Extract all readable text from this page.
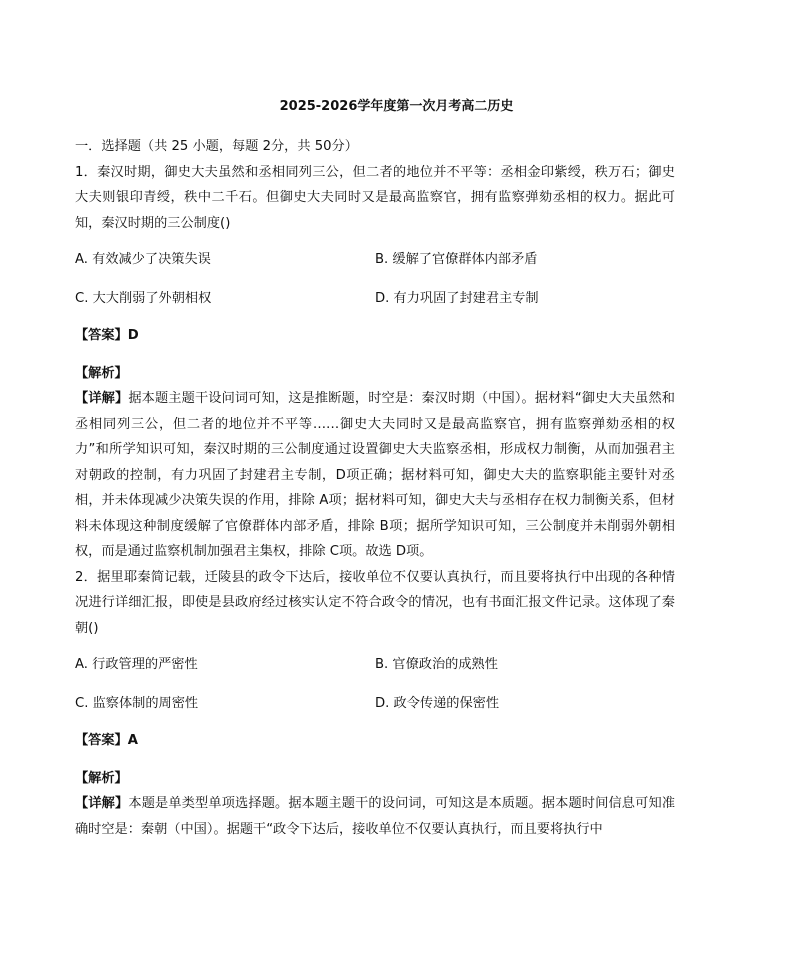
2025-2026学年度第一次月考高二历史

一．选择题（共 25 小题，每题 2分，共 50分）

1．秦汉时期，御史大夫虽然和丞相同列三公，但二者的地位并不平等：丞相金印紫绶，秩万石；御史大夫则银印青绶，秩中二千石。但御史大夫同时又是最高监察官，拥有监察弹劾丞相的权力。据此可知，秦汉时期的三公制度()

A. 有效减少了决策失误	B. 缓解了官僚群体内部矛盾
C. 大大削弱了外朝相权	D. 有力巩固了封建君主专制

【答案】D

【解析】

【详解】据本题主题干设问词可知，这是推断题，时空是：秦汉时期（中国）。据材料“御史大夫虽然和丞相同列三公，但二者的地位并不平等……御史大夫同时又是最高监察官，拥有监察弹劾丞相的权力”和所学知识可知，秦汉时期的三公制度通过设置御史大夫监察丞相，形成权力制衡，从而加强君主对朝政的控制，有力巩固了封建君主专制，D项正确；据材料可知，御史大夫的监察职能主要针对丞相，并未体现减少决策失误的作用，排除 A项；据材料可知，御史大夫与丞相存在权力制衡关系，但材料未体现这种制度缓解了官僚群体内部矛盾，排除 B项；据所学知识可知，三公制度并未削弱外朝相权，而是通过监察机制加强君主集权，排除 C项。故选 D项。

2．据里耶秦简记载，迁陵县的政令下达后，接收单位不仅要认真执行，而且要将执行中出现的各种情况进行详细汇报，即使是县政府经过核实认定不符合政令的情况，也有书面汇报文件记录。这体现了秦朝()

A. 行政管理的严密性	B. 官僚政治的成熟性
C. 监察体制的周密性	D. 政令传递的保密性

【答案】A

【解析】

【详解】本题是单类型单项选择题。据本题主题干的设问词，可知这是本质题。据本题时间信息可知准确时空是：秦朝（中国）。据题干“政令下达后，接收单位不仅要认真执行，而且要将执行中
